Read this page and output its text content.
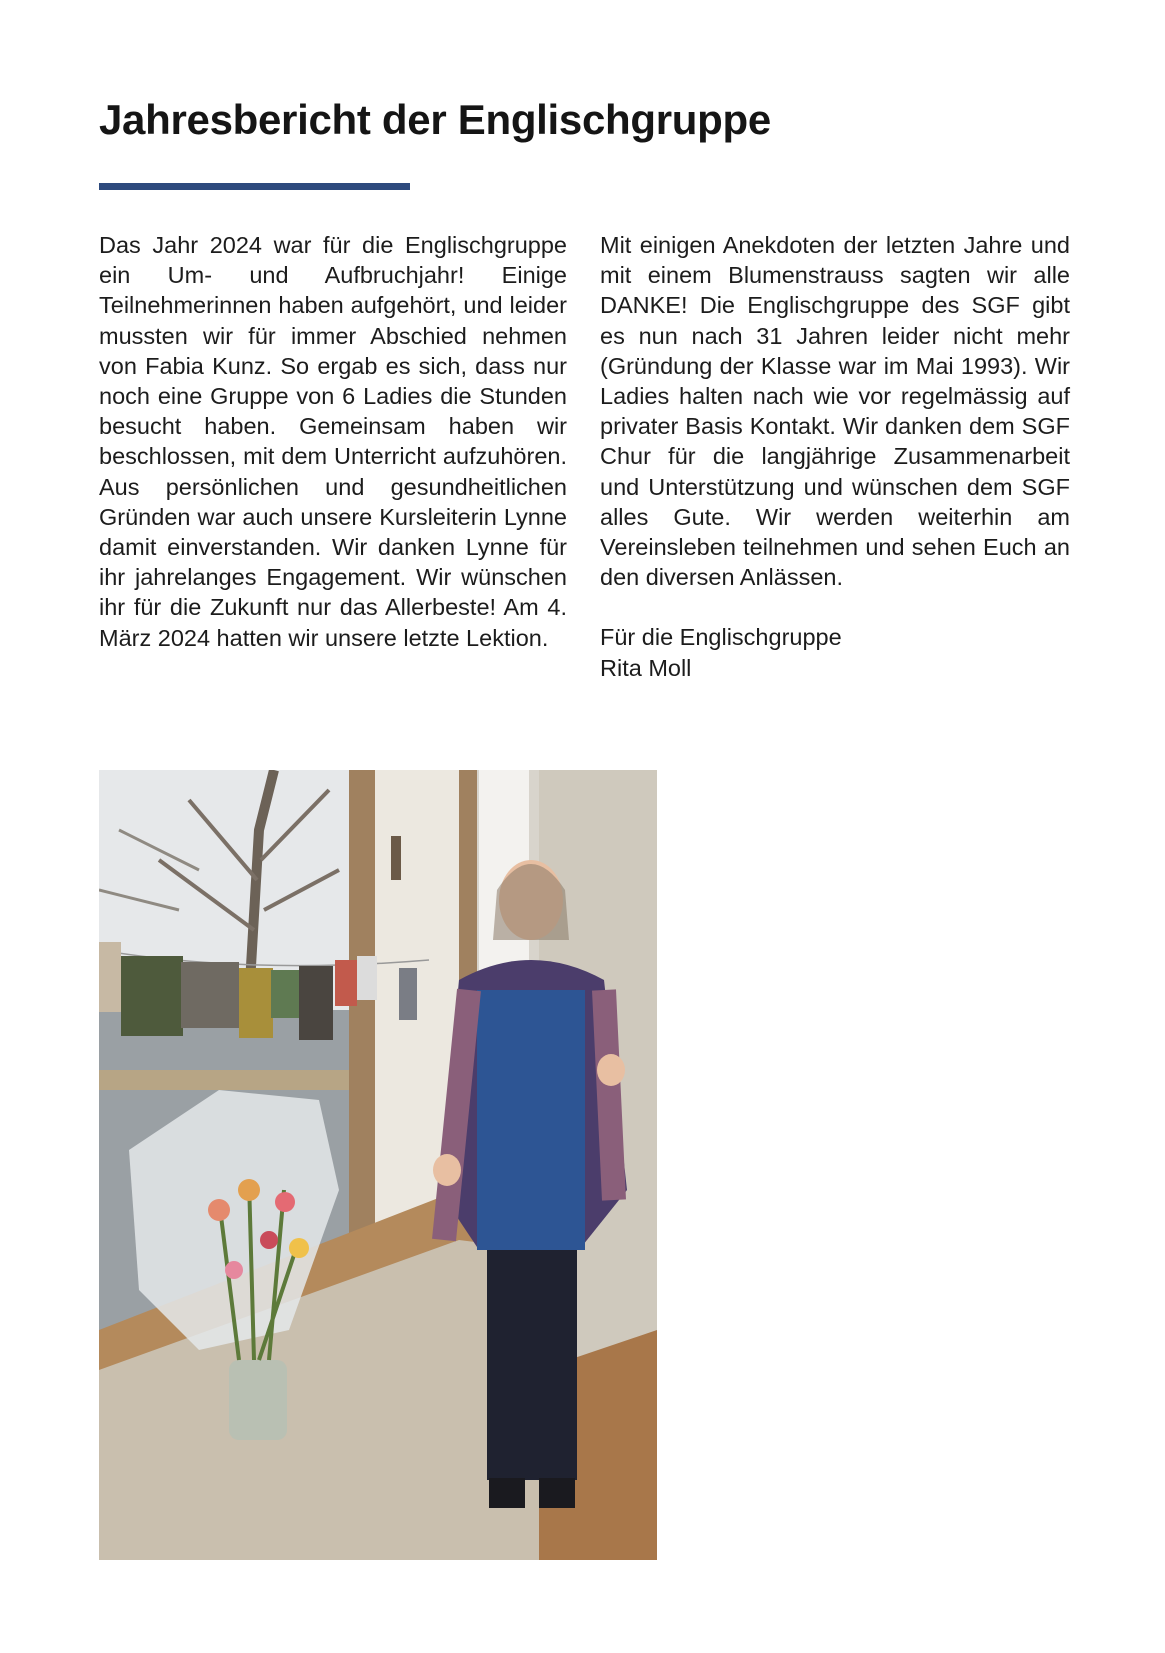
Jahresbericht der Englischgruppe

Das Jahr 2024 war für die Englischgruppe ein Um- und Aufbruchjahr! Einige Teilnehmerinnen haben aufgehört, und leider mussten wir für immer Abschied nehmen von Fabia Kunz. So ergab es sich, dass nur noch eine Gruppe von 6 Ladies die Stunden besucht haben. Gemeinsam haben wir beschlossen, mit dem Unterricht aufzuhören. Aus persönlichen und gesundheitlichen Gründen war auch unsere Kursleiterin Lynne damit einverstanden. Wir danken Lynne für ihr jahrelanges Engagement. Wir wünschen ihr für die Zukunft nur das Allerbeste! Am 4. März 2024 hatten wir unsere letzte Lektion.

Mit einigen Anekdoten der letzten Jahre und mit einem Blumenstrauss sagten wir alle DANKE! Die Englischgruppe des SGF gibt es nun nach 31 Jahren leider nicht mehr (Gründung der Klasse war im Mai 1993). Wir Ladies halten nach wie vor regelmässig auf privater Basis Kontakt. Wir danken dem SGF Chur für die langjährige Zusammenarbeit und Unterstützung und wünschen dem SGF alles Gute. Wir werden weiterhin am Vereinsleben teilnehmen und sehen Euch an den diversen Anlässen.

Für die Englischgruppe
Rita Moll
